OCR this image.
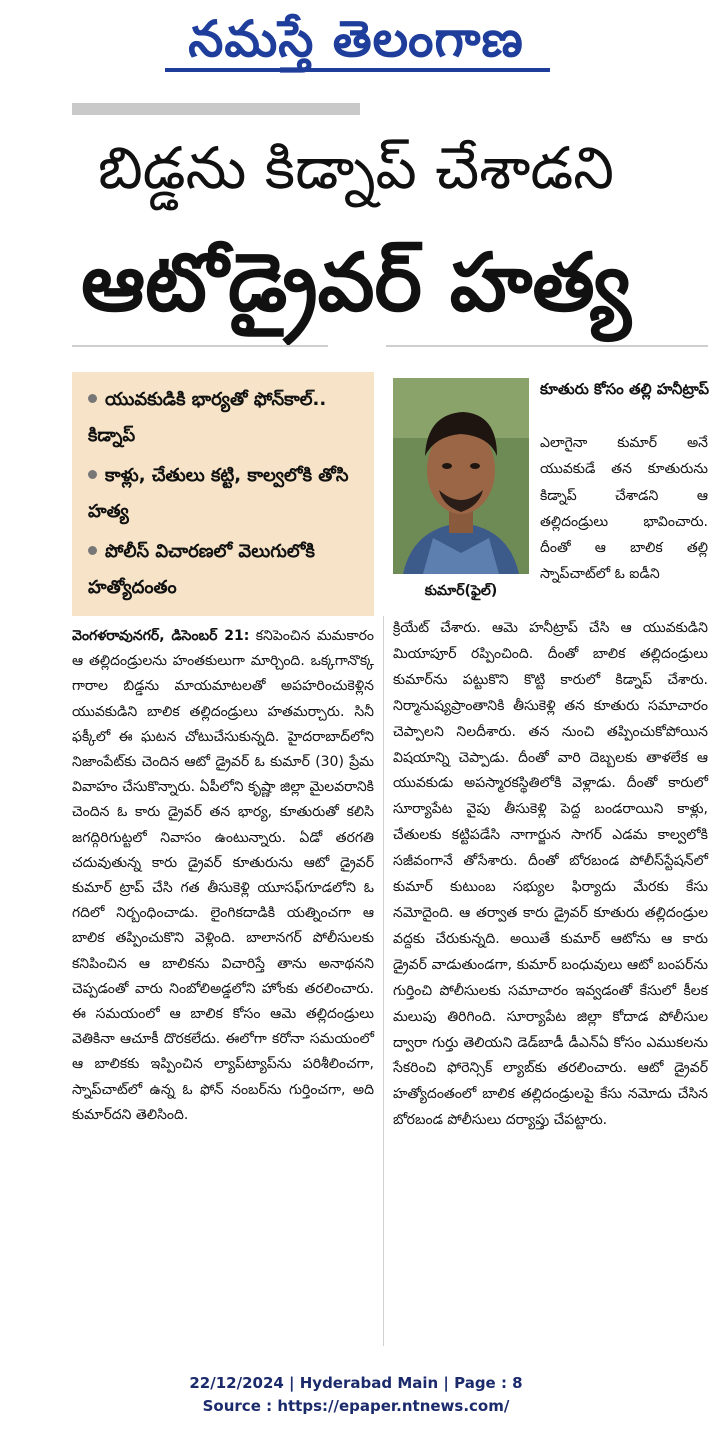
నమస్తే తెలంగాణ
బిడ్డను కిడ్నాప్ చేశాడని
ఆటోడ్రైవర్ హత్య
యువకుడికి భార్యతో ఫోన్‌కాల్.. కిడ్నాప్
కాళ్లు, చేతులు కట్టి, కాల్వలోకి తోసి హత్య
పోలీస్ విచారణలో వెలుగులోకి హత్యోదంతం	కుమార్(ఫైల్)
కూతురు కోసం తల్లి హనీట్రాప్
ఎలాగైనా కుమార్ అనే యువకుడే తన కూతురును కిడ్నాప్ చేశాడని ఆ తల్లిదండ్రులు భావించారు. దీంతో ఆ బాలిక తల్లి స్నాప్‌చాట్‌లో ఓ ఐడీని
వెంగళరావునగర్, డిసెంబర్ 21: కనిపెంచిన మమకారం ఆ తల్లిదండ్రులను హంతకులుగా మార్చింది. ఒక్కగానొక్క గారాల బిడ్డను మాయమాటలతో అపహరించుకెళ్లిన యువకుడిని బాలిక తల్లిదండ్రులు హతమర్చారు. సినీ ఫక్కీలో ఈ ఘటన చోటుచేసుకున్నది. హైదరాబాద్‌లోని నిజాంపేట్‌కు చెందిన ఆటో డ్రైవర్ ఓ కుమార్ (30) ప్రేమ వివాహం చేసుకొన్నారు. ఏపీలోని కృష్ణా జిల్లా మైలవరానికి చెందిన ఓ కారు డ్రైవర్ తన భార్య, కూతురుతో కలిసి జగద్గిరిగుట్టలో నివాసం ఉంటున్నారు. ఏడో తరగతి చదువుతున్న కారు డ్రైవర్ కూతురును ఆటో డ్రైవర్ కుమార్ ట్రాప్ చేసి గత తీసుకెళ్లి యూసఫ్‌గూడలోని ఓ గదిలో నిర్బంధించాడు. లైంగికదాడికి యత్నించగా ఆ బాలిక తప్పించుకొని వెళ్లింది. బాలానగర్ పోలీసులకు కనిపించిన ఆ బాలికను విచారిస్తే తాను అనాథనని చెప్పడంతో వారు నింబోలిఅడ్డలోని హోంకు తరలించారు. ఈ సమయంలో ఆ బాలిక కోసం ఆమె తల్లిదండ్రులు వెతికినా ఆచూకీ దొరకలేదు. ఈలోగా కరోనా సమయంలో ఆ బాలికకు ఇప్పించిన ల్యాప్‌ట్యాప్‌ను పరిశీలించగా, స్నాప్‌చాట్‌లో ఉన్న ఓ ఫోన్ నంబర్‌ను గుర్తించగా, అది కుమార్‌దని తెలిసింది.
క్రియేట్ చేశారు. ఆమె హనీట్రాప్ చేసి ఆ యువకుడిని మియాపూర్ రప్పించింది. దీంతో బాలిక తల్లిదండ్రులు కుమార్‌ను పట్టుకొని కొట్టి కారులో కిడ్నాప్ చేశారు. నిర్మానుష్యప్రాంతానికి తీసుకెళ్లి తన కూతురు సమాచారం చెప్పాలని నిలదీశారు. తన నుంచి తప్పించుకోపోయిన విషయాన్ని చెప్పాడు. దీంతో వారి దెబ్బలకు తాళలేక ఆ యువకుడు అపస్మారకస్థితిలోకి వెళ్లాడు. దీంతో కారులో సూర్యాపేట వైపు తీసుకెళ్లి పెద్ద బండరాయిని కాళ్లు, చేతులకు కట్టిపడేసి నాగార్జున సాగర్ ఎడమ కాల్వలోకి సజీవంగానే తోసేశారు. దీంతో బోరబండ పోలీస్‌స్టేషన్‌లో కుమార్ కుటుంబ సభ్యుల ఫిర్యాదు మేరకు కేసు నమోదైంది. ఆ తర్వాత కారు డ్రైవర్ కూతురు తల్లిదండ్రుల వద్దకు చేరుకున్నది. అయితే కుమార్ ఆటోను ఆ కారు డ్రైవర్ వాడుతుండగా, కుమార్ బంధువులు ఆటో బంపర్‌ను గుర్తించి పోలీసులకు సమాచారం ఇవ్వడంతో కేసులో కీలక మలుపు తిరిగింది. సూర్యాపేట జిల్లా కోదాడ పోలీసుల ద్వారా గుర్తు తెలియని డెడ్‌బాడీ డీఎన్‌ఏ కోసం ఎముకలను సేకరించి ఫోరెన్సిక్ ల్యాబ్‌కు తరలించారు. ఆటో డ్రైవర్ హత్యోదంతంలో బాలిక తల్లిదండ్రులపై కేసు నమోదు చేసిన బోరబండ పోలీసులు దర్యాప్తు చేపట్టారు.
22/12/2024 | Hyderabad Main | Page : 8
Source : https://epaper.ntnews.com/
